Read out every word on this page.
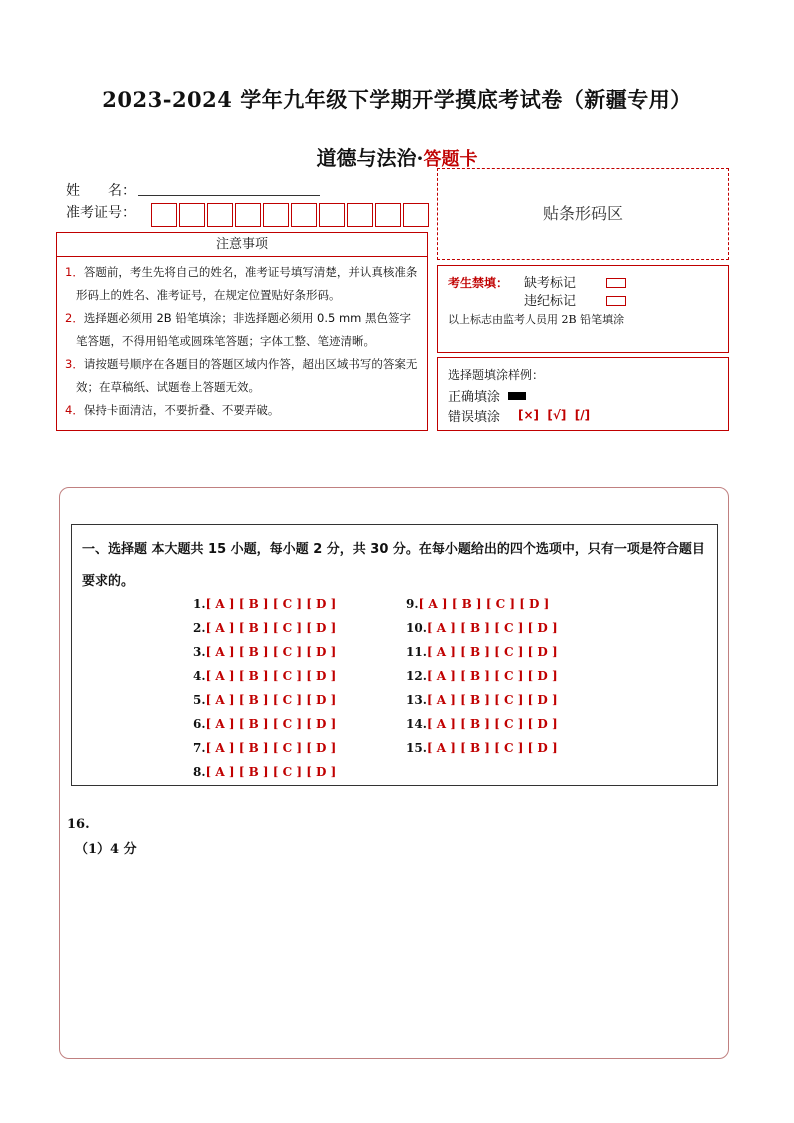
2023-2024 学年九年级下学期开学摸底考试卷（新疆专用）
道德与法治·答题卡
姓　　名：
准考证号：	贴条形码区
注意事项
1．答题前，考生先将自己的姓名，准考证号填写清楚，并认真核准条形码上的姓名、准考证号，在规定位置贴好条形码。
2．选择题必须用 2B 铅笔填涂；非选择题必须用 0.5 mm 黑色签字笔答题，不得用铅笔或圆珠笔答题；字体工整、笔迹清晰。
3．请按题号顺序在各题目的答题区域内作答，超出区域书写的答案无效；在草稿纸、试题卷上答题无效。
4．保持卡面清洁，不要折叠、不要弄破。
考生禁填： 缺考标记
违纪标记
以上标志由监考人员用 2B 铅笔填涂
选择题填涂样例：
正确填涂
错误填涂 [×]  [√]  [/]
一、选择题 本大题共 15 小题，每小题 2 分，共 30 分。在每小题给出的四个选项中，只有一项是符合题目要求的。
1.[ A ] [ B ] [ C ] [ D ]
2.[ A ] [ B ] [ C ] [ D ]
3.[ A ] [ B ] [ C ] [ D ]
4.[ A ] [ B ] [ C ] [ D ]
5.[ A ] [ B ] [ C ] [ D ]
6.[ A ] [ B ] [ C ] [ D ]
7.[ A ] [ B ] [ C ] [ D ]
8.[ A ] [ B ] [ C ] [ D ]
9.[ A ] [ B ] [ C ] [ D ]
10.[ A ] [ B ] [ C ] [ D ]
11.[ A ] [ B ] [ C ] [ D ]
12.[ A ] [ B ] [ C ] [ D ]
13.[ A ] [ B ] [ C ] [ D ]
14.[ A ] [ B ] [ C ] [ D ]
15.[ A ] [ B ] [ C ] [ D ]
16.
（1）4 分
